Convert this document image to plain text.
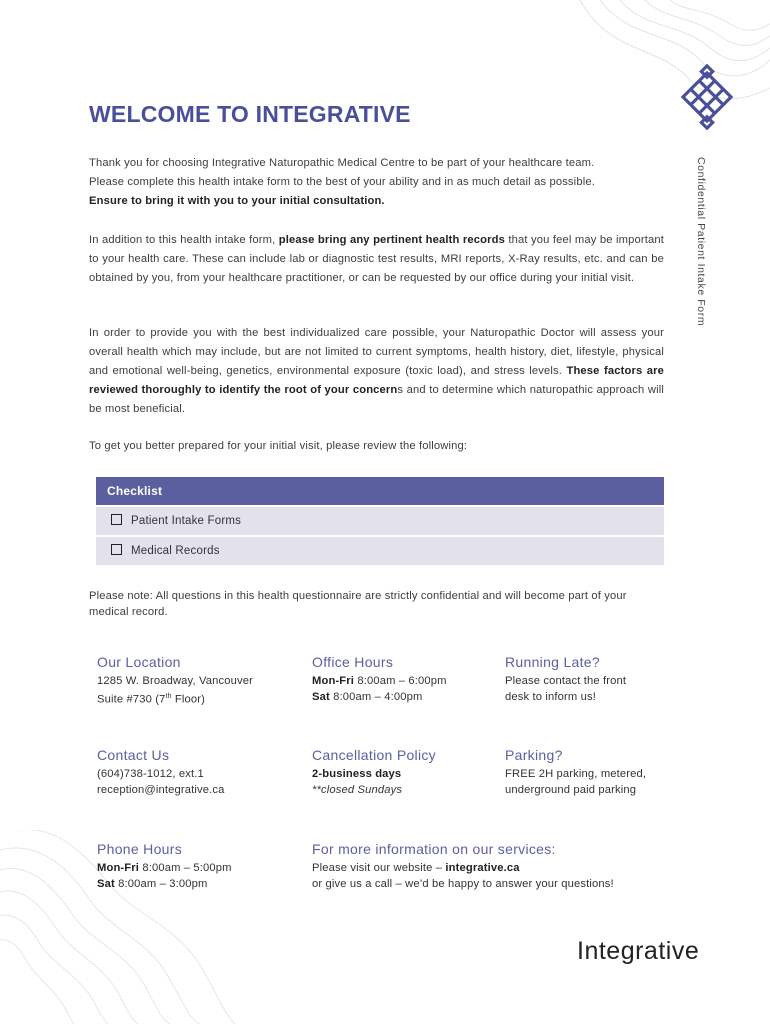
WELCOME TO INTEGRATIVE
Confidential Patient Intake Form

Thank you for choosing Integrative Naturopathic Medical Centre to be part of your healthcare team.
Please complete this health intake form to the best of your ability and in as much detail as possible.
Ensure to bring it with you to your initial consultation.

In addition to this health intake form, please bring any pertinent health records that you feel may be important to your health care. These can include lab or diagnostic test results, MRI reports, X-Ray results, etc. and can be obtained by you, from your healthcare practitioner, or can be requested by our office during your initial visit.

In order to provide you with the best individualized care possible, your Naturopathic Doctor will assess your overall health which may include, but are not limited to current symptoms, health history, diet, lifestyle, physical and emotional well-being, genetics, environmental exposure (toxic load), and stress levels. These factors are reviewed thoroughly to identify the root of your concerns and to determine which naturopathic approach will be most beneficial.

To get you better prepared for your initial visit, please review the following:

Checklist
Patient Intake Forms
Medical Records

Please note: All questions in this health questionnaire are strictly confidential and will become part of your medical record.

Our Location
1285 W. Broadway, Vancouver
Suite #730 (7th Floor)
Office Hours
Mon-Fri 8:00am – 6:00pm
Sat 8:00am – 4:00pm
Running Late?
Please contact the front
desk to inform us!
Contact Us
(604)738-1012, ext.1
reception@integrative.ca
Cancellation Policy
2-business days
**closed Sundays
Parking?
FREE 2H parking, metered,
underground paid parking
Phone Hours
Mon-Fri 8:00am – 5:00pm
Sat 8:00am – 3:00pm
For more information on our services:
Please visit our website – integrative.ca
or give us a call – we’d be happy to answer your questions!
Integrative
